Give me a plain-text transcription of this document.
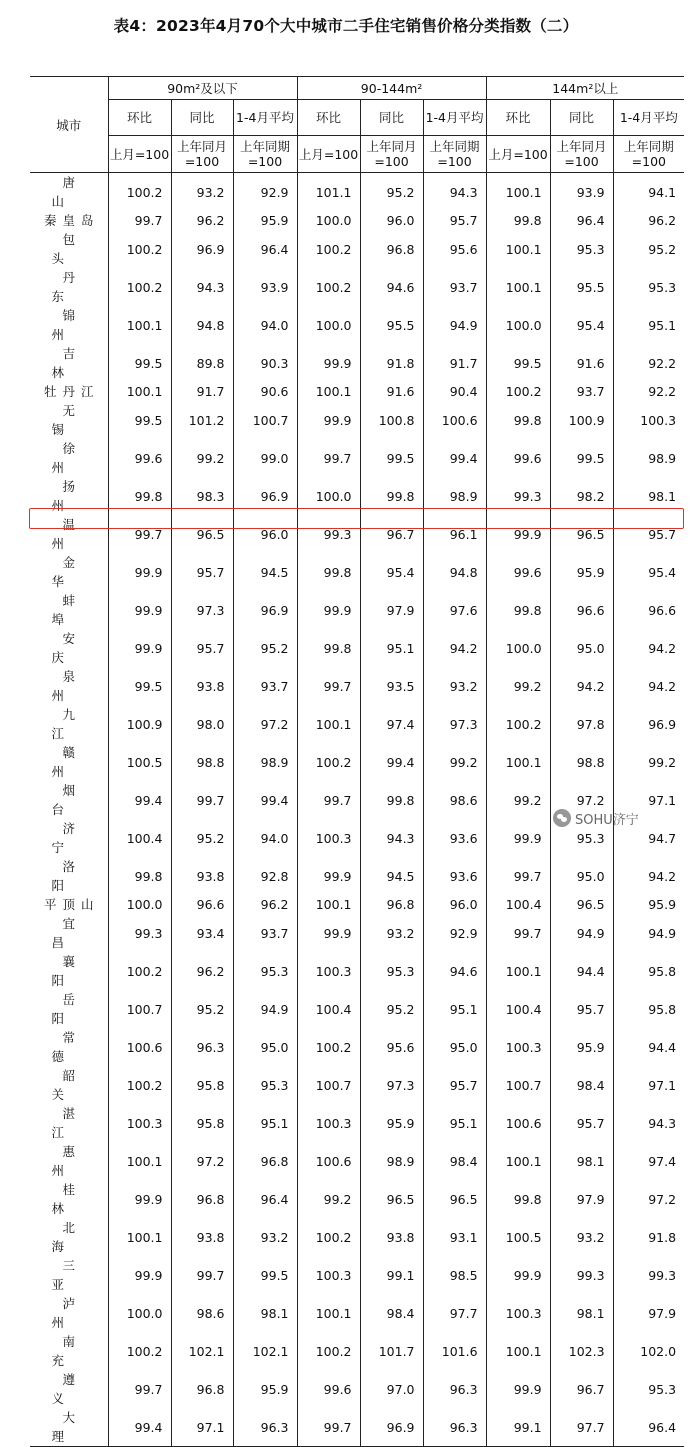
表4：2023年4月70个大中城市二手住宅销售价格分类指数（二）
城市	90m²及以下			90-144m²			144m²以上		
	环比	同比	1-4月平均	环比	同比	1-4月平均	环比	同比	1-4月平均
	上月=100	上年同月=100	上年同期=100	上月=100	上年同月=100	上年同期=100	上月=100	上年同月=100	上年同期=100
唐山	100.2	93.2	92.9	101.1	95.2	94.3	100.1	93.9	94.1
秦皇岛	99.7	96.2	95.9	100.0	96.0	95.7	99.8	96.4	96.2
包头	100.2	96.9	96.4	100.2	96.8	95.6	100.1	95.3	95.2
丹东	100.2	94.3	93.9	100.2	94.6	93.7	100.1	95.5	95.3
锦州	100.1	94.8	94.0	100.0	95.5	94.9	100.0	95.4	95.1
吉林	99.5	89.8	90.3	99.9	91.8	91.7	99.5	91.6	92.2
牡丹江	100.1	91.7	90.6	100.1	91.6	90.4	100.2	93.7	92.2
无锡	99.5	101.2	100.7	99.9	100.8	100.6	99.8	100.9	100.3
徐州	99.6	99.2	99.0	99.7	99.5	99.4	99.6	99.5	98.9
扬州	99.8	98.3	96.9	100.0	99.8	98.9	99.3	98.2	98.1
温州	99.7	96.5	96.0	99.3	96.7	96.1	99.9	96.5	95.7
金华	99.9	95.7	94.5	99.8	95.4	94.8	99.6	95.9	95.4
蚌埠	99.9	97.3	96.9	99.9	97.9	97.6	99.8	96.6	96.6
安庆	99.9	95.7	95.2	99.8	95.1	94.2	100.0	95.0	94.2
泉州	99.5	93.8	93.7	99.7	93.5	93.2	99.2	94.2	94.2
九江	100.9	98.0	97.2	100.1	97.4	97.3	100.2	97.8	96.9
赣州	100.5	98.8	98.9	100.2	99.4	99.2	100.1	98.8	99.2
烟台	99.4	99.7	99.4	99.7	99.8	98.6	99.2	97.2	97.1
济宁	100.4	95.2	94.0	100.3	94.3	93.6	99.9	95.3	94.7
洛阳	99.8	93.8	92.8	99.9	94.5	93.6	99.7	95.0	94.2
平顶山	100.0	96.6	96.2	100.1	96.8	96.0	100.4	96.5	95.9
宜昌	99.3	93.4	93.7	99.9	93.2	92.9	99.7	94.9	94.9
襄阳	100.2	96.2	95.3	100.3	95.3	94.6	100.1	94.4	95.8
岳阳	100.7	95.2	94.9	100.4	95.2	95.1	100.4	95.7	95.8
常德	100.6	96.3	95.0	100.2	95.6	95.0	100.3	95.9	94.4
韶关	100.2	95.8	95.3	100.7	97.3	95.7	100.7	98.4	97.1
湛江	100.3	95.8	95.1	100.3	95.9	95.1	100.6	95.7	94.3
惠州	100.1	97.2	96.8	100.6	98.9	98.4	100.1	98.1	97.4
桂林	99.9	96.8	96.4	99.2	96.5	96.5	99.8	97.9	97.2
北海	100.1	93.8	93.2	100.2	93.8	93.1	100.5	93.2	91.8
三亚	99.9	99.7	99.5	100.3	99.1	98.5	99.9	99.3	99.3
泸州	100.0	98.6	98.1	100.1	98.4	97.7	100.3	98.1	97.9
南充	100.2	102.1	102.1	100.2	101.7	101.6	100.1	102.3	102.0
遵义	99.7	96.8	95.9	99.6	97.0	96.3	99.9	96.7	95.3
大理	99.4	97.1	96.3	99.7	96.9	96.3	99.1	97.7	96.4
SOHU济宁
